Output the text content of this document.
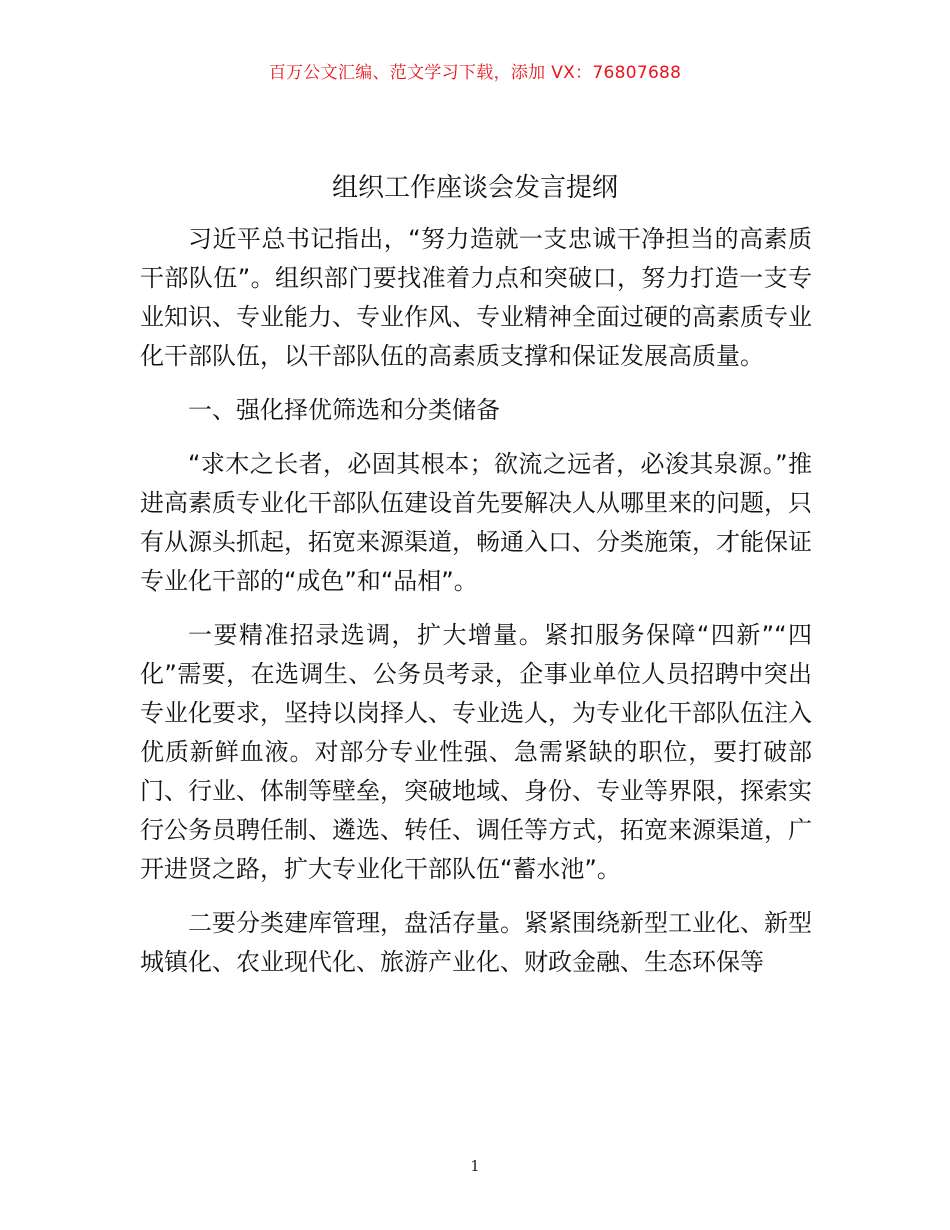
百万公文汇编、范文学习下载，添加 VX：76807688
组织工作座谈会发言提纲

习近平总书记指出，“努力造就一支忠诚干净担当的高素质干部队伍”。组织部门要找准着力点和突破口，努力打造一支专业知识、专业能力、专业作风、专业精神全面过硬的高素质专业化干部队伍，以干部队伍的高素质支撑和保证发展高质量。

一、强化择优筛选和分类储备

“求木之长者，必固其根本；欲流之远者，必浚其泉源。”推进高素质专业化干部队伍建设首先要解决人从哪里来的问题，只有从源头抓起，拓宽来源渠道，畅通入口、分类施策，才能保证专业化干部的“成色”和“品相”。

一要精准招录选调，扩大增量。紧扣服务保障“四新”“四化”需要，在选调生、公务员考录，企事业单位人员招聘中突出专业化要求，坚持以岗择人、专业选人，为专业化干部队伍注入优质新鲜血液。对部分专业性强、急需紧缺的职位，要打破部门、行业、体制等壁垒，突破地域、身份、专业等界限，探索实行公务员聘任制、遴选、转任、调任等方式，拓宽来源渠道，广开进贤之路，扩大专业化干部队伍“蓄水池”。

二要分类建库管理，盘活存量。紧紧围绕新型工业化、新型城镇化、农业现代化、旅游产业化、财政金融、生态环保等

1
